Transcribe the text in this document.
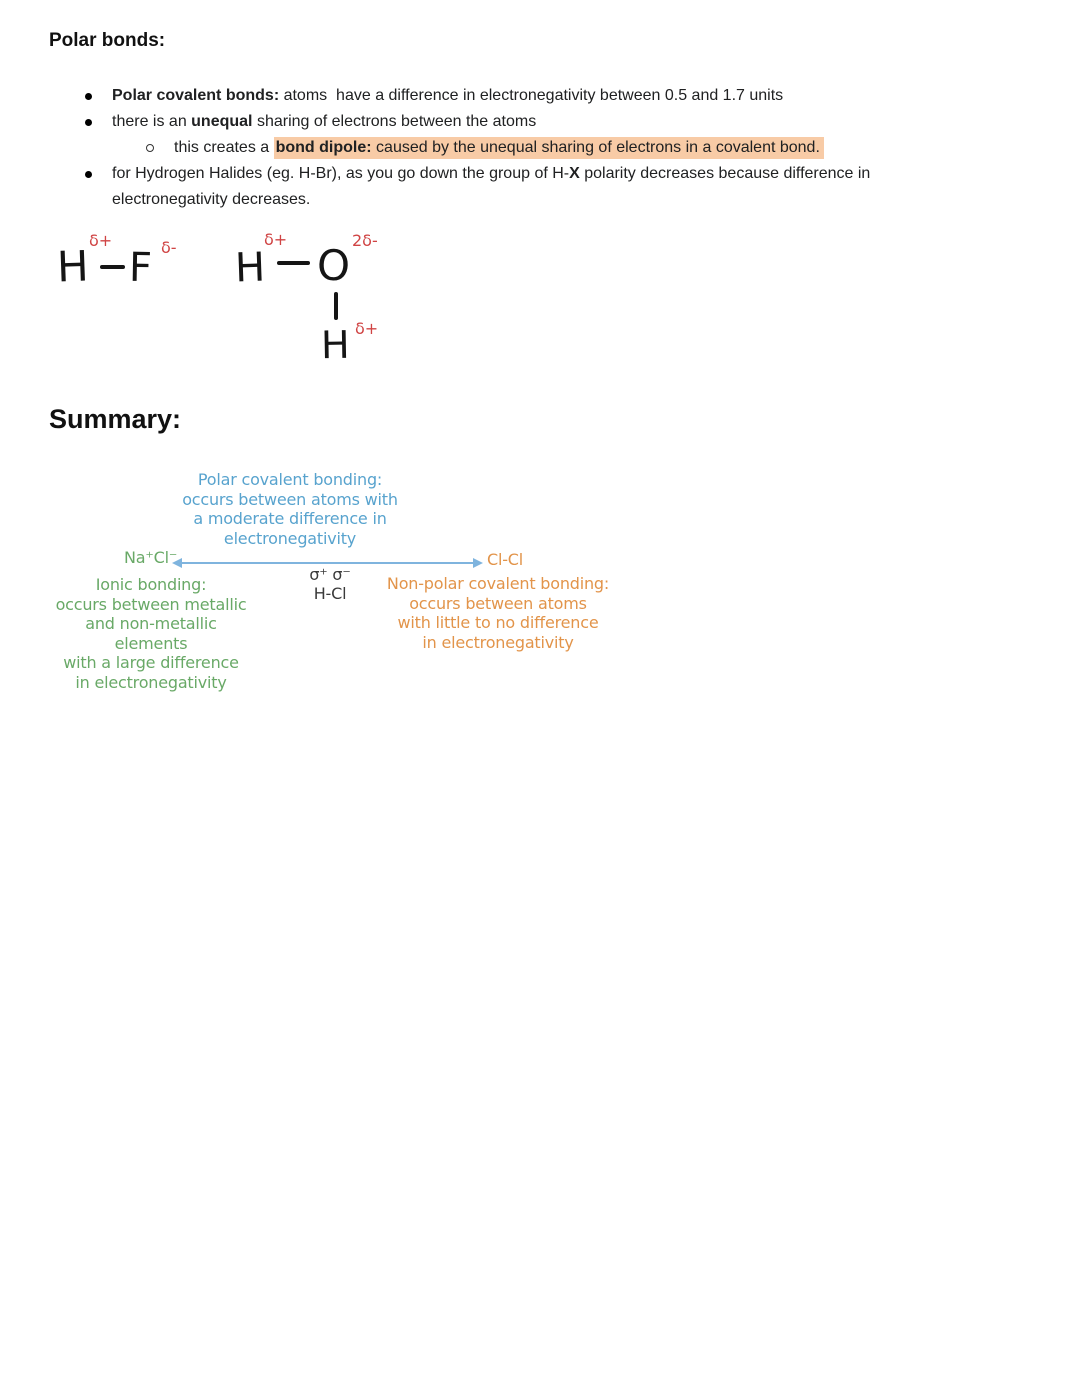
Polar bonds:
Polar covalent bonds: atoms  have a difference in electronegativity between 0.5 and 1.7 units
there is an unequal sharing of electrons between the atoms
this creates a bond dipole: caused by the unequal sharing of electrons in a covalent bond.
for Hydrogen Halides (eg. H-Br), as you go down the group of H-X polarity decreases because difference in
electronegativity decreases.
H
δ+
F δ- H
δ+
O 2δ-
H δ+
Summary:
Polar covalent bonding:
occurs between atoms with
a moderate difference in
electronegativity
Na⁺Cl⁻	Cl-Cl
σ⁺ σ⁻
H-Cl
Ionic bonding:
occurs between metallic
and non-metallic elements
with a large difference
in electronegativity
Non-polar covalent bonding:
occurs between atoms
with little to no difference
in electronegativity
